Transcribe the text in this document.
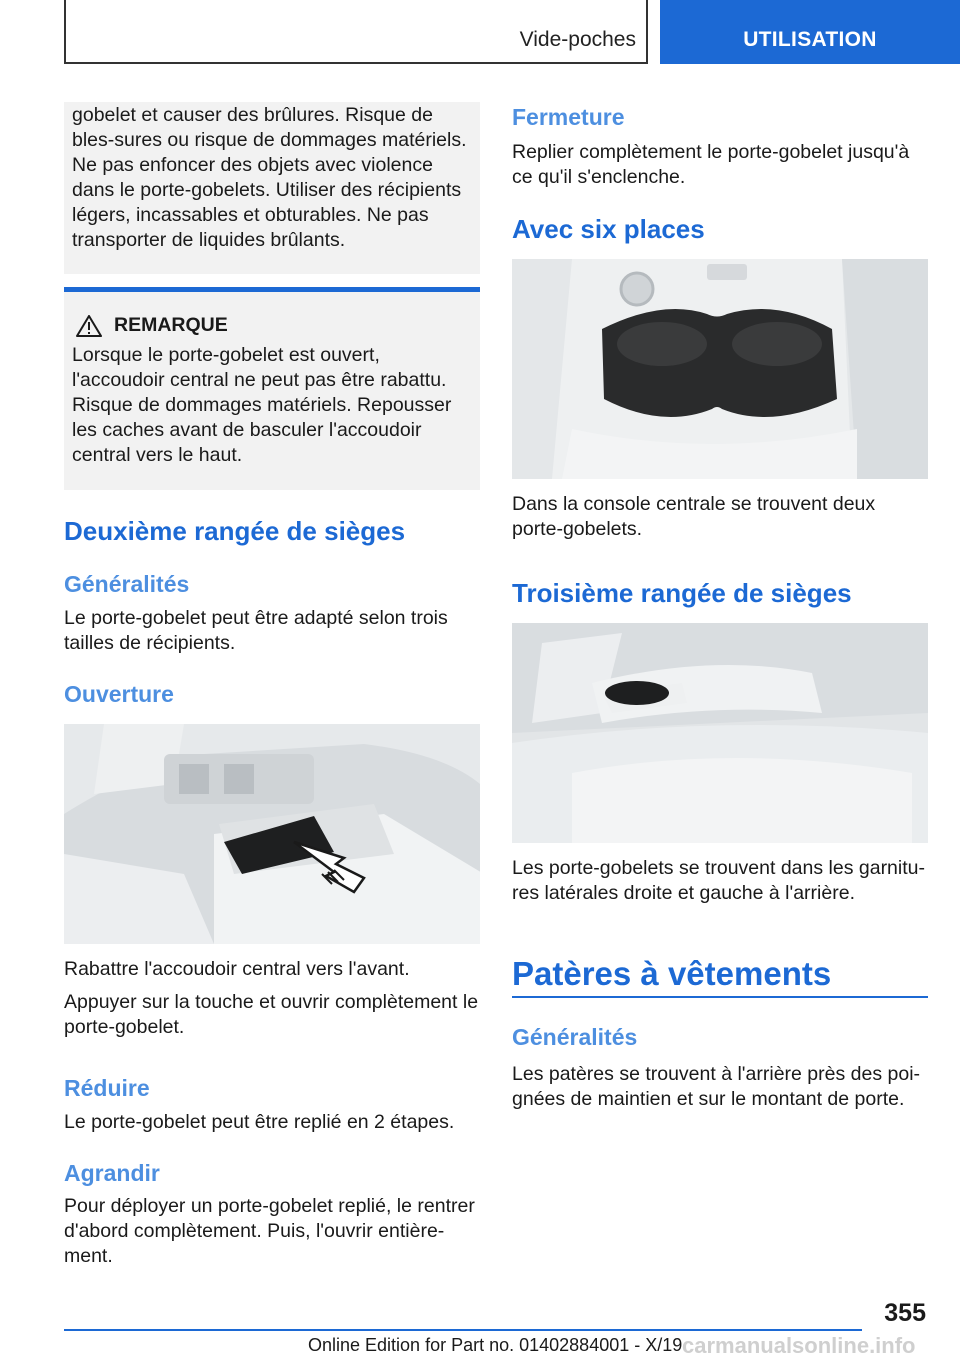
Vide-poches	UTILISATION

gobelet et causer des brûlures. Risque de bles-sures ou risque de dommages matériels. Ne pas enfoncer des objets avec violence dans le porte-gobelets. Utiliser des récipients légers, incassables et obturables. Ne pas transporter de liquides brûlants.

REMARQUE

Lorsque le porte-gobelet est ouvert, l'accoudoir central ne peut pas être rabattu. Risque de dommages matériels. Repousser les caches avant de basculer l'accoudoir central vers le haut.

Deuxième rangée de sièges
Généralités

Le porte-gobelet peut être adapté selon trois tailles de récipients.

Ouverture

Rabattre l'accoudoir central vers l'avant.

Appuyer sur la touche et ouvrir complètement le porte-gobelet.

Réduire

Le porte-gobelet peut être replié en 2 étapes.

Agrandir

Pour déployer un porte-gobelet replié, le rentrer d'abord complètement. Puis, l'ouvrir entière-ment.

Fermeture

Replier complètement le porte-gobelet jusqu'à ce qu'il s'enclenche.

Avec six places

Dans la console centrale se trouvent deux porte-gobelets.

Troisième rangée de sièges

Les porte-gobelets se trouvent dans les garnitu-res latérales droite et gauche à l'arrière.

Patères à vêtements
Généralités

Les patères se trouvent à l'arrière près des poi-gnées de maintien et sur le montant de porte.

355
Online Edition for Part no. 01402884001 - X/19 carmanualsonline.info
